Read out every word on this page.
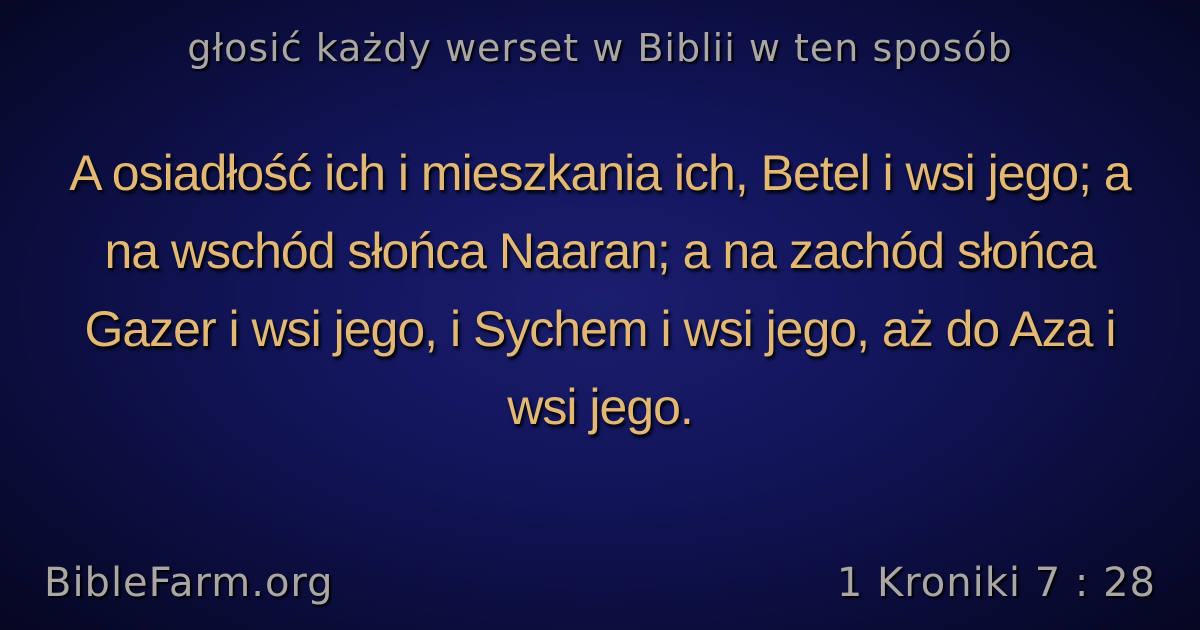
głosić każdy werset w Biblii w ten sposób
A osiadłość ich i mieszkania ich, Betel i wsi jego; a na wschód słońca Naaran; a na zachód słońca Gazer i wsi jego, i Sychem i wsi jego, aż do Aza i wsi jego.
BibleFarm.org	1 Kroniki 7 : 28
